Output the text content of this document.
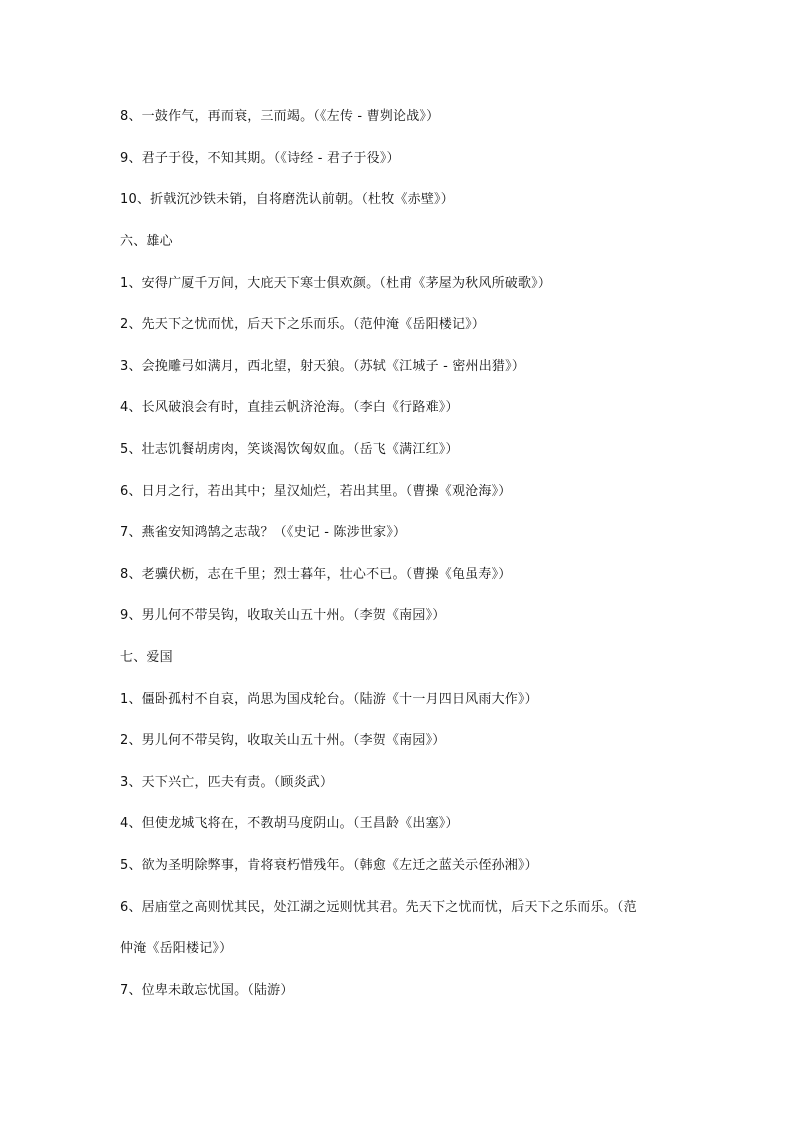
8、一鼓作气，再而衰，三而竭。（《左传 - 曹刿论战》）
9、君子于役，不知其期。（《诗经 - 君子于役》）
10、折戟沉沙铁未销，自将磨洗认前朝。（杜牧《赤壁》）
六、雄心
1、安得广厦千万间，大庇天下寒士俱欢颜。（杜甫《茅屋为秋风所破歌》）
2、先天下之忧而忧，后天下之乐而乐。（范仲淹《岳阳楼记》）
3、会挽雕弓如满月，西北望，射天狼。（苏轼《江城子 - 密州出猎》）
4、长风破浪会有时，直挂云帆济沧海。（李白《行路难》）
5、壮志饥餐胡虏肉，笑谈渴饮匈奴血。（岳飞《满江红》）
6、日月之行，若出其中；星汉灿烂，若出其里。（曹操《观沧海》）
7、燕雀安知鸿鹄之志哉？（《史记 - 陈涉世家》）
8、老骥伏枥，志在千里；烈士暮年，壮心不已。（曹操《龟虽寿》）
9、男儿何不带吴钩，收取关山五十州。（李贺《南园》）
七、爱国
1、僵卧孤村不自哀，尚思为国戍轮台。（陆游《十一月四日风雨大作》）
2、男儿何不带吴钩，收取关山五十州。（李贺《南园》）
3、天下兴亡，匹夫有责。（顾炎武）
4、但使龙城飞将在，不教胡马度阴山。（王昌龄《出塞》）
5、欲为圣明除弊事，肯将衰朽惜残年。（韩愈《左迁之蓝关示侄孙湘》）
6、居庙堂之高则忧其民，处江湖之远则忧其君。先天下之忧而忧，后天下之乐而乐。（范
仲淹《岳阳楼记》）
7、位卑未敢忘忧国。（陆游）
